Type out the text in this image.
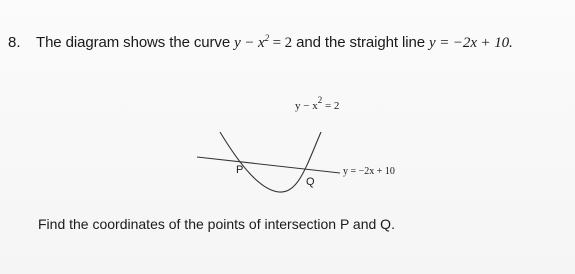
8. The diagram shows the curve $y - x^2 = 2$ and the straight line y = −2x + 10.
$y - x^2 = 2$
y = −2x + 10
P
Q
Find the coordinates of the points of intersection P and Q.
